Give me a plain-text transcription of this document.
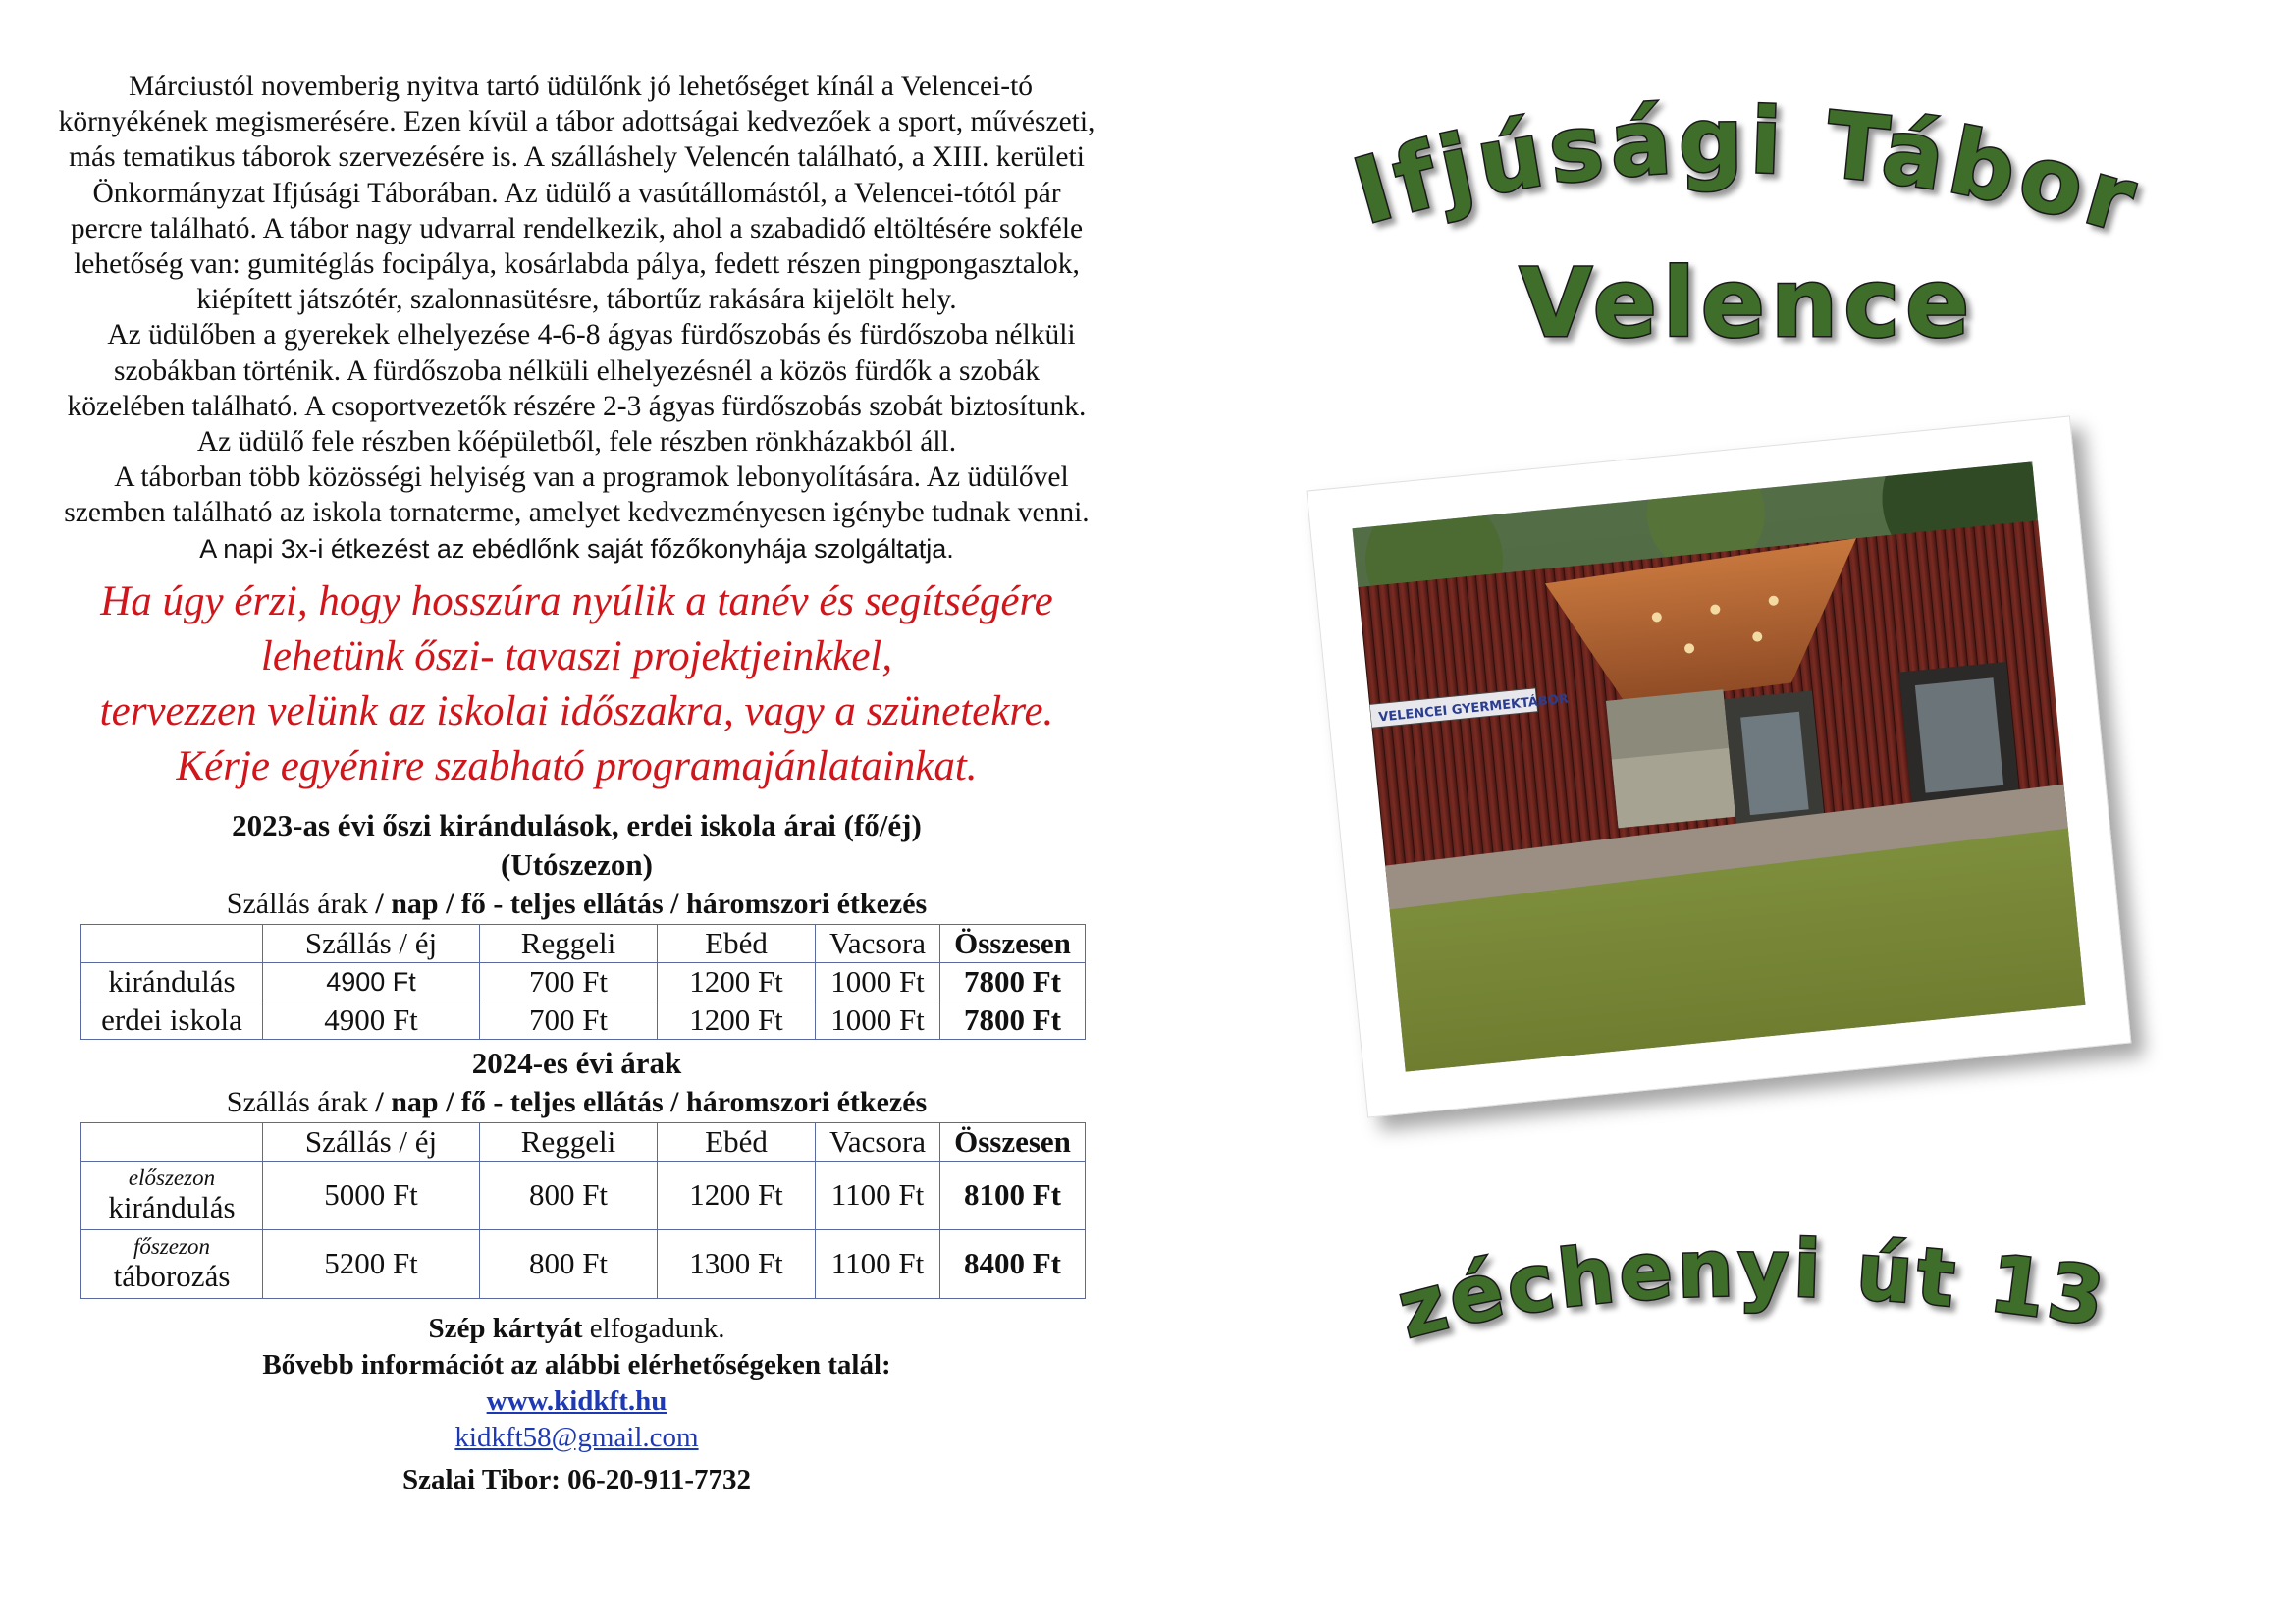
Márciustól novemberig nyitva tartó üdülőnk jó lehetőséget kínál a Velencei-tó környékének megismerésére. Ezen kívül a tábor adottságai kedvezőek a sport, művészeti, más tematikus táborok szervezésére is. A szálláshely Velencén található, a XIII. kerületi Önkormányzat Ifjúsági Táborában. Az üdülő a vasútállomástól, a Velencei-tótól pár percre található. A tábor nagy udvarral rendelkezik, ahol a szabadidő eltöltésére sokféle lehetőség van: gumitéglás focipálya, kosárlabda pálya, fedett részen pingpongasztalok, kiépített játszótér, szalonnasütésre, tábortűz rakására kijelölt hely.

Az üdülőben a gyerekek elhelyezése 4-6-8 ágyas fürdőszobás és fürdőszoba nélküli szobákban történik. A fürdőszoba nélküli elhelyezésnél a közös fürdők a szobák közelében található. A csoportvezetők részére 2-3 ágyas fürdőszobás szobát biztosítunk. Az üdülő fele részben kőépületből, fele részben rönkházakból áll.

A táborban több közösségi helyiség van a programok lebonyolítására. Az üdülővel szemben található az iskola tornaterme, amelyet kedvezményesen igénybe tudnak venni. A napi 3x-i étkezést az ebédlőnk saját főzőkonyhája szolgáltatja.

Ha úgy érzi, hogy hosszúra nyúlik a tanév és segítségére
lehetünk őszi- tavaszi projektjeinkkel,
tervezzen velünk az iskolai időszakra, vagy a szünetekre.
Kérje egyénire szabható programajánlatainkat.

2023-as évi őszi kirándulások, erdei iskola árai (fő/éj)

(Utószezon)

Szállás árak / nap / fő - teljes ellátás / háromszori étkezés

	Szállás / éj	Reggeli	Ebéd	Vacsora	Összesen
kirándulás	4900 Ft	700 Ft	1200 Ft	1000 Ft	7800 Ft
erdei iskola	4900 Ft	700 Ft	1200 Ft	1000 Ft	7800 Ft

2024-es évi árak

Szállás árak / nap / fő - teljes ellátás / háromszori étkezés

	Szállás / éj	Reggeli	Ebéd	Vacsora	Összesen

előszezon
kirándulás	5000 Ft	800 Ft	1200 Ft	1100 Ft	8100 Ft

főszezon
táborozás	5200 Ft	800 Ft	1300 Ft	1100 Ft	8400 Ft

Szép kártyát elfogadunk.

Bővebb információt az alábbi elérhetőségeken talál:

www.kidkft.hu

kidkft58@gmail.com

Szalai Tibor: 06-20-911-7732

Ifjúsági Tábor
Velence
VELENCEI GYERMEKTÁBOR
Széchenyi út 13.
